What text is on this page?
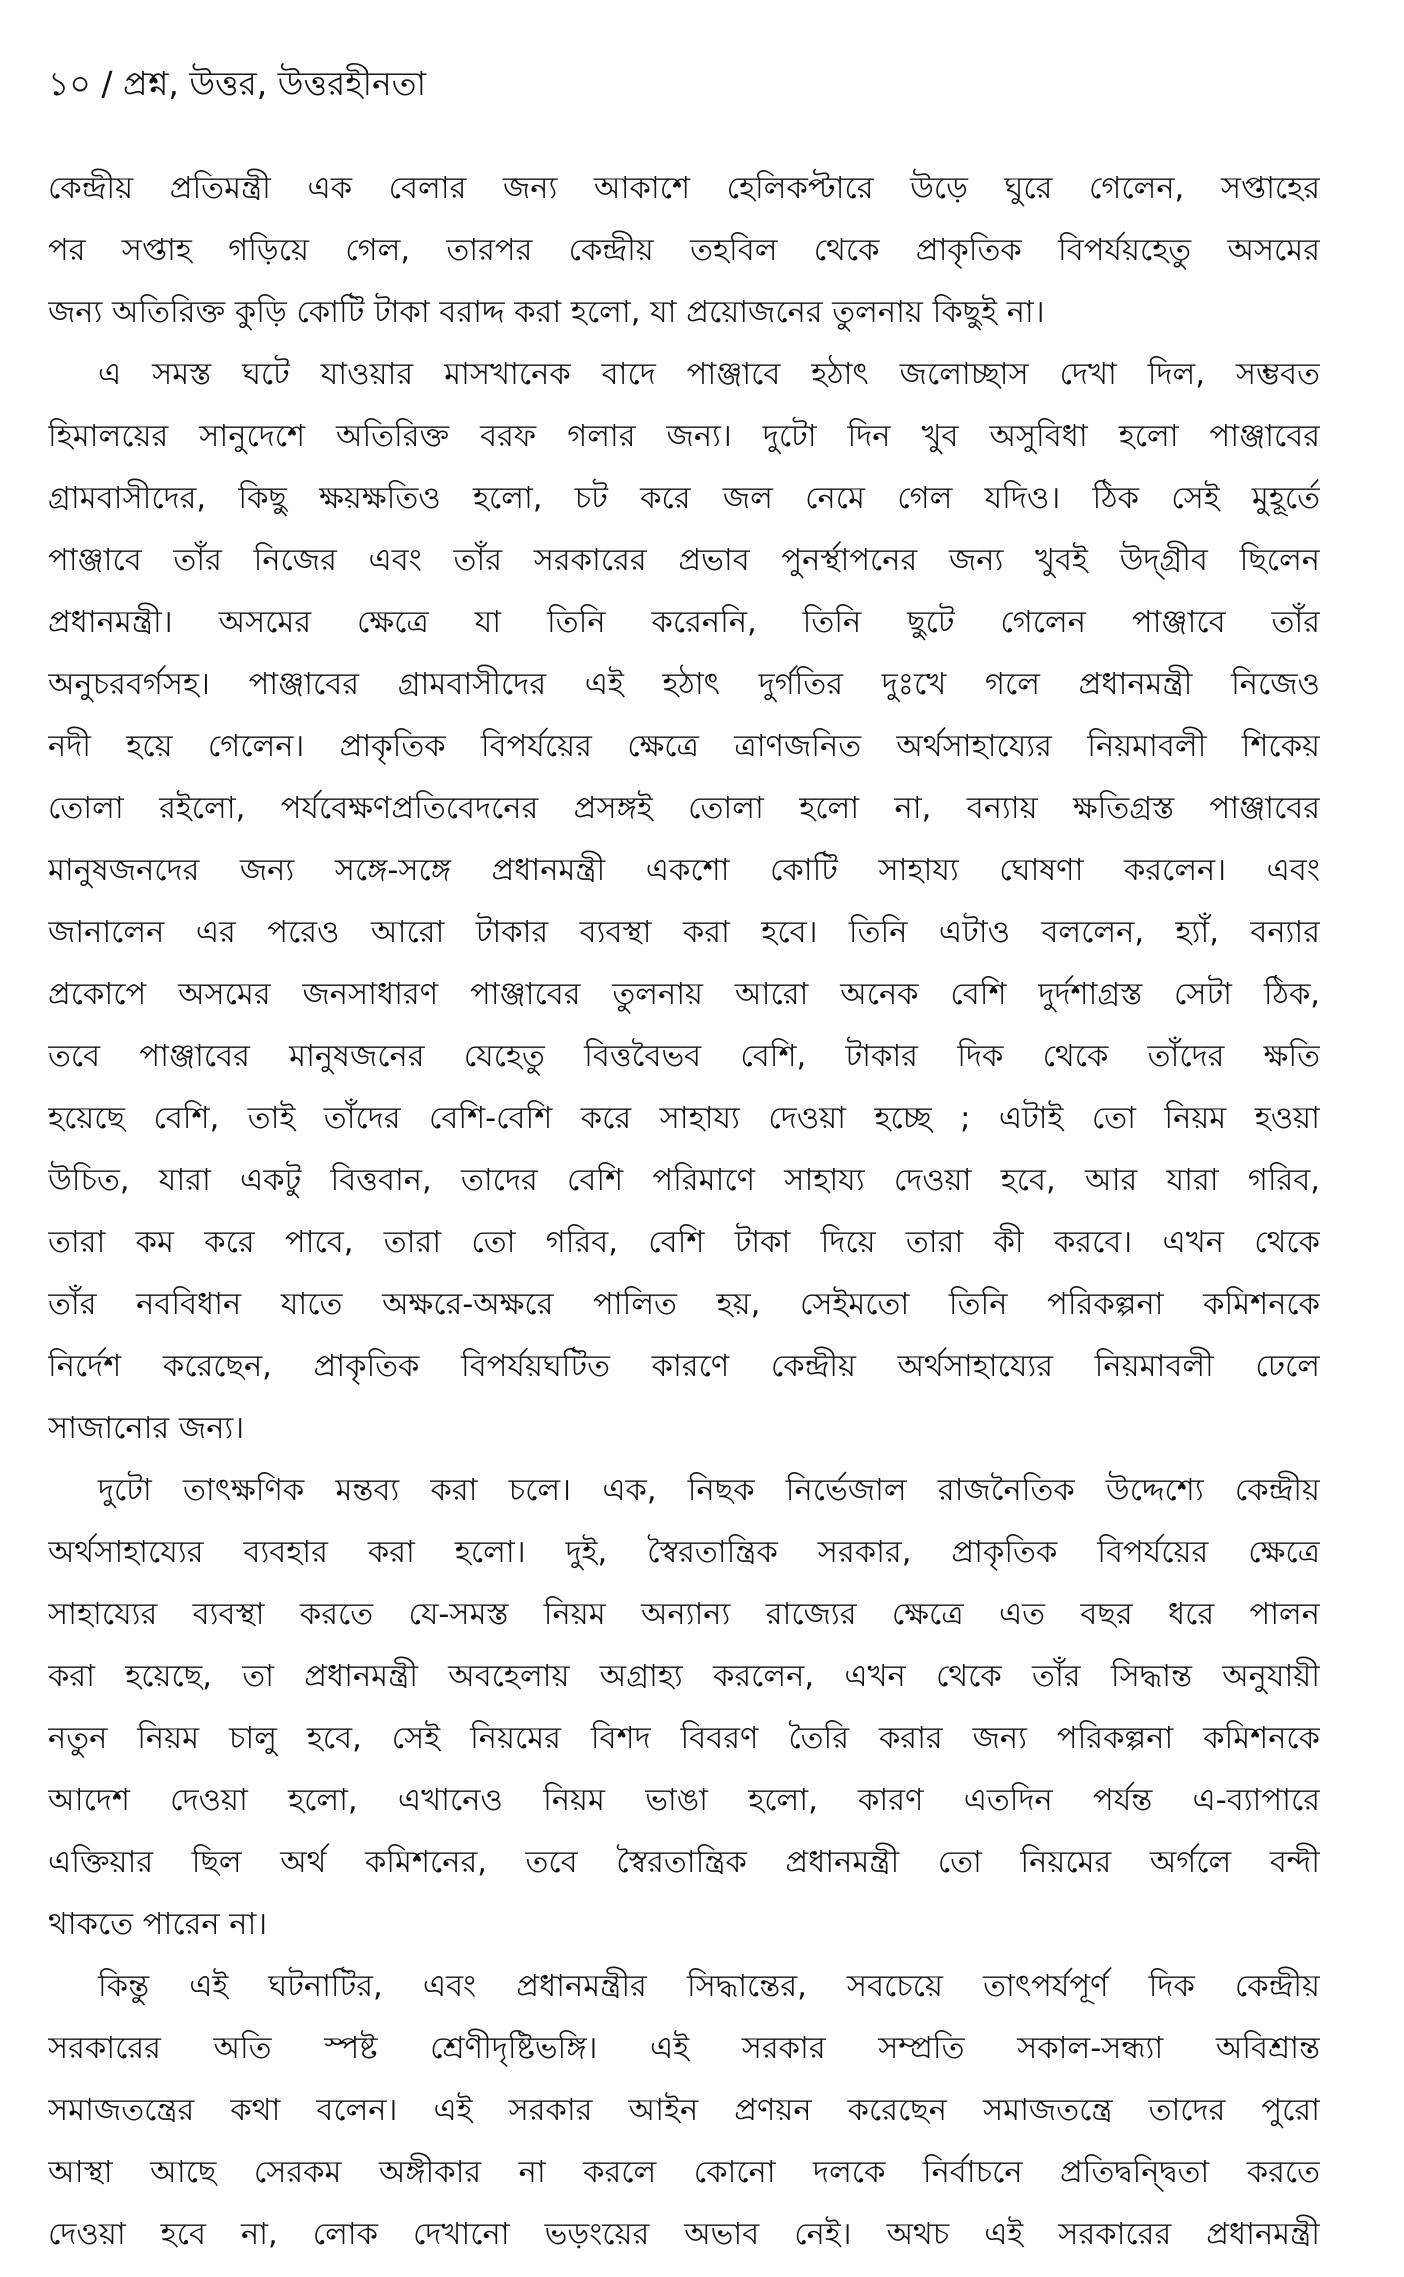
১০ / প্রশ্ন, উত্তর, উত্তরহীনতা
কেন্দ্রীয় প্রতিমন্ত্রী এক বেলার জন্য আকাশে হেলিকপ্টারে উড়ে ঘুরে গেলেন, সপ্তাহের
পর সপ্তাহ গড়িয়ে গেল, তারপর কেন্দ্রীয় তহবিল থেকে প্রাকৃতিক বিপর্যয়হেতু অসমের
জন্য অতিরিক্ত কুড়ি কোটি টাকা বরাদ্দ করা হলো, যা প্রয়োজনের তুলনায় কিছুই না।
এ সমস্ত ঘটে যাওয়ার মাসখানেক বাদে পাঞ্জাবে হঠাৎ জলোচ্ছাস দেখা দিল, সম্ভবত
হিমালয়ের সানুদেশে অতিরিক্ত বরফ গলার জন্য। দুটো দিন খুব অসুবিধা হলো পাঞ্জাবের
গ্রামবাসীদের, কিছু ক্ষয়ক্ষতিও হলো, চট করে জল নেমে গেল যদিও। ঠিক সেই মুহূর্তে
পাঞ্জাবে তাঁর নিজের এবং তাঁর সরকারের প্রভাব পুনর্স্থাপনের জন্য খুবই উদ্‌গ্রীব ছিলেন
প্রধানমন্ত্রী। অসমের ক্ষেত্রে যা তিনি করেননি, তিনি ছুটে গেলেন পাঞ্জাবে তাঁর
অনুচরবর্গসহ। পাঞ্জাবের গ্রামবাসীদের এই হঠাৎ দুর্গতির দুঃখে গলে প্রধানমন্ত্রী নিজেও
নদী হয়ে গেলেন। প্রাকৃতিক বিপর্যয়ের ক্ষেত্রে ত্রাণজনিত অর্থসাহায্যের নিয়মাবলী শিকেয়
তোলা রইলো, পর্যবেক্ষণপ্রতিবেদনের প্রসঙ্গই তোলা হলো না, বন্যায় ক্ষতিগ্রস্ত পাঞ্জাবের
মানুষজনদের জন্য সঙ্গে-সঙ্গে প্রধানমন্ত্রী একশো কোটি সাহায্য ঘোষণা করলেন। এবং
জানালেন এর পরেও আরো টাকার ব্যবস্থা করা হবে। তিনি এটাও বললেন, হ্যাঁ, বন্যার
প্রকোপে অসমের জনসাধারণ পাঞ্জাবের তুলনায় আরো অনেক বেশি দুর্দশাগ্রস্ত সেটা ঠিক,
তবে পাঞ্জাবের মানুষজনের যেহেতু বিত্তবৈভব বেশি, টাকার দিক থেকে তাঁদের ক্ষতি
হয়েছে বেশি, তাই তাঁদের বেশি-বেশি করে সাহায্য দেওয়া হচ্ছে ; এটাই তো নিয়ম হওয়া
উচিত, যারা একটু বিত্তবান, তাদের বেশি পরিমাণে সাহায্য দেওয়া হবে, আর যারা গরিব,
তারা কম করে পাবে, তারা তো গরিব, বেশি টাকা দিয়ে তারা কী করবে। এখন থেকে
তাঁর নববিধান যাতে অক্ষরে-অক্ষরে পালিত হয়, সেইমতো তিনি পরিকল্পনা কমিশনকে
নির্দেশ করেছেন, প্রাকৃতিক বিপর্যয়ঘটিত কারণে কেন্দ্রীয় অর্থসাহায্যের নিয়মাবলী ঢেলে
সাজানোর জন্য।
দুটো তাৎক্ষণিক মন্তব্য করা চলে। এক, নিছক নির্ভেজাল রাজনৈতিক উদ্দেশ্যে কেন্দ্রীয়
অর্থসাহায্যের ব্যবহার করা হলো। দুই, স্বৈরতান্ত্রিক সরকার, প্রাকৃতিক বিপর্যয়ের ক্ষেত্রে
সাহায্যের ব্যবস্থা করতে যে-সমস্ত নিয়ম অন্যান্য রাজ্যের ক্ষেত্রে এত বছর ধরে পালন
করা হয়েছে, তা প্রধানমন্ত্রী অবহেলায় অগ্রাহ্য করলেন, এখন থেকে তাঁর সিদ্ধান্ত অনুযায়ী
নতুন নিয়ম চালু হবে, সেই নিয়মের বিশদ বিবরণ তৈরি করার জন্য পরিকল্পনা কমিশনকে
আদেশ দেওয়া হলো, এখানেও নিয়ম ভাঙা হলো, কারণ এতদিন পর্যন্ত এ-ব্যাপারে
এক্তিয়ার ছিল অর্থ কমিশনের, তবে স্বৈরতান্ত্রিক প্রধানমন্ত্রী তো নিয়মের অর্গলে বন্দী
থাকতে পারেন না।
কিন্তু এই ঘটনাটির, এবং প্রধানমন্ত্রীর সিদ্ধান্তের, সবচেয়ে তাৎপর্যপূর্ণ দিক কেন্দ্রীয়
সরকারের অতি স্পষ্ট শ্রেণীদৃষ্টিভঙ্গি। এই সরকার সম্প্রতি সকাল-সন্ধ্যা অবিশ্রান্ত
সমাজতন্ত্রের কথা বলেন। এই সরকার আইন প্রণয়ন করেছেন সমাজতন্ত্রে তাদের পুরো
আস্থা আছে সেরকম অঙ্গীকার না করলে কোনো দলকে নির্বাচনে প্রতিদ্বন্দ্বিতা করতে
দেওয়া হবে না, লোক দেখানো ভড়ংয়ের অভাব নেই। অথচ এই সরকারের প্রধানমন্ত্রী
